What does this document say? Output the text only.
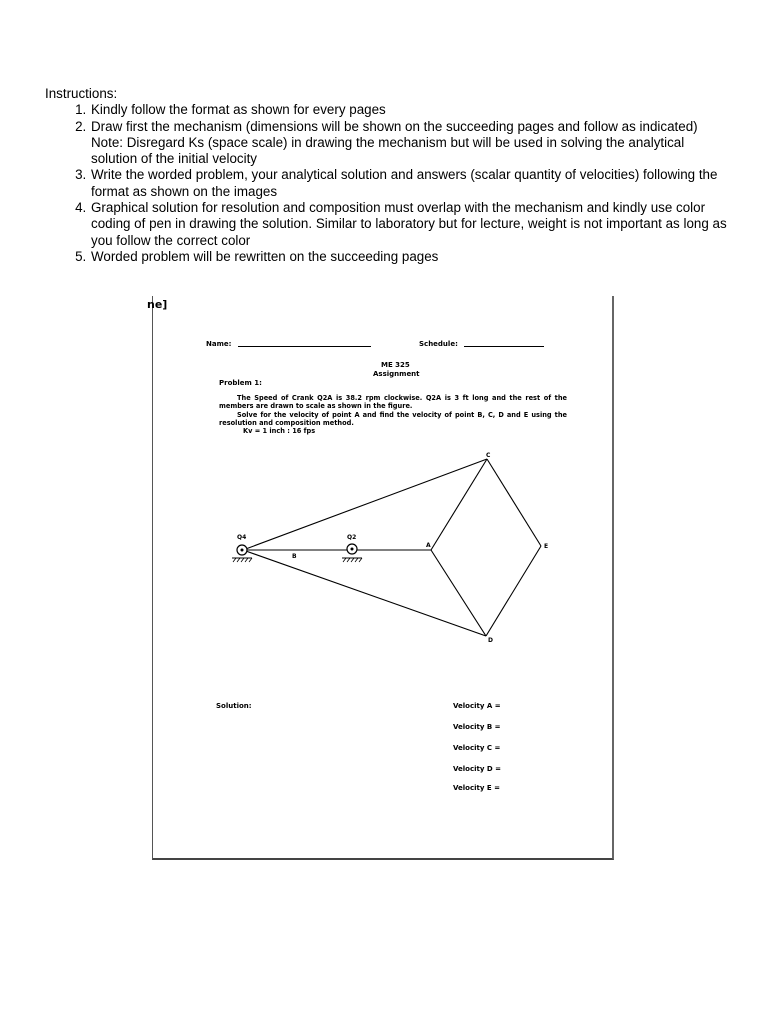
Instructions:
1. Kindly follow the format as shown for every pages
2. Draw first the mechanism (dimensions will be shown on the succeeding pages and follow as indicated) Note: Disregard Ks (space scale) in drawing the mechanism but will be used in solving the analytical solution of the initial velocity
3. Write the worded problem, your analytical solution and answers (scalar quantity of velocities) following the format as shown on the images
4. Graphical solution for resolution and composition must overlap with the mechanism and kindly use color coding of pen in drawing the solution. Similar to laboratory but for lecture, weight is not important as long as you follow the correct color
5. Worded problem will be rewritten on the succeeding pages
ne]
Name:	Schedule:
ME 325
Assignment
Problem 1:

The Speed of Crank Q2A is 38.2 rpm clockwise. Q2A is 3 ft long and the rest of the members are drawn to scale as shown in the figure.

Solve for the velocity of point A and find the velocity of point B, C, D and E using the resolution and composition method.

Kv = 1 inch : 16 fps

Q4	Q2
A
B
C
D
E
Solution:	Velocity A =
Velocity B =
Velocity C =
Velocity D =
Velocity E =
